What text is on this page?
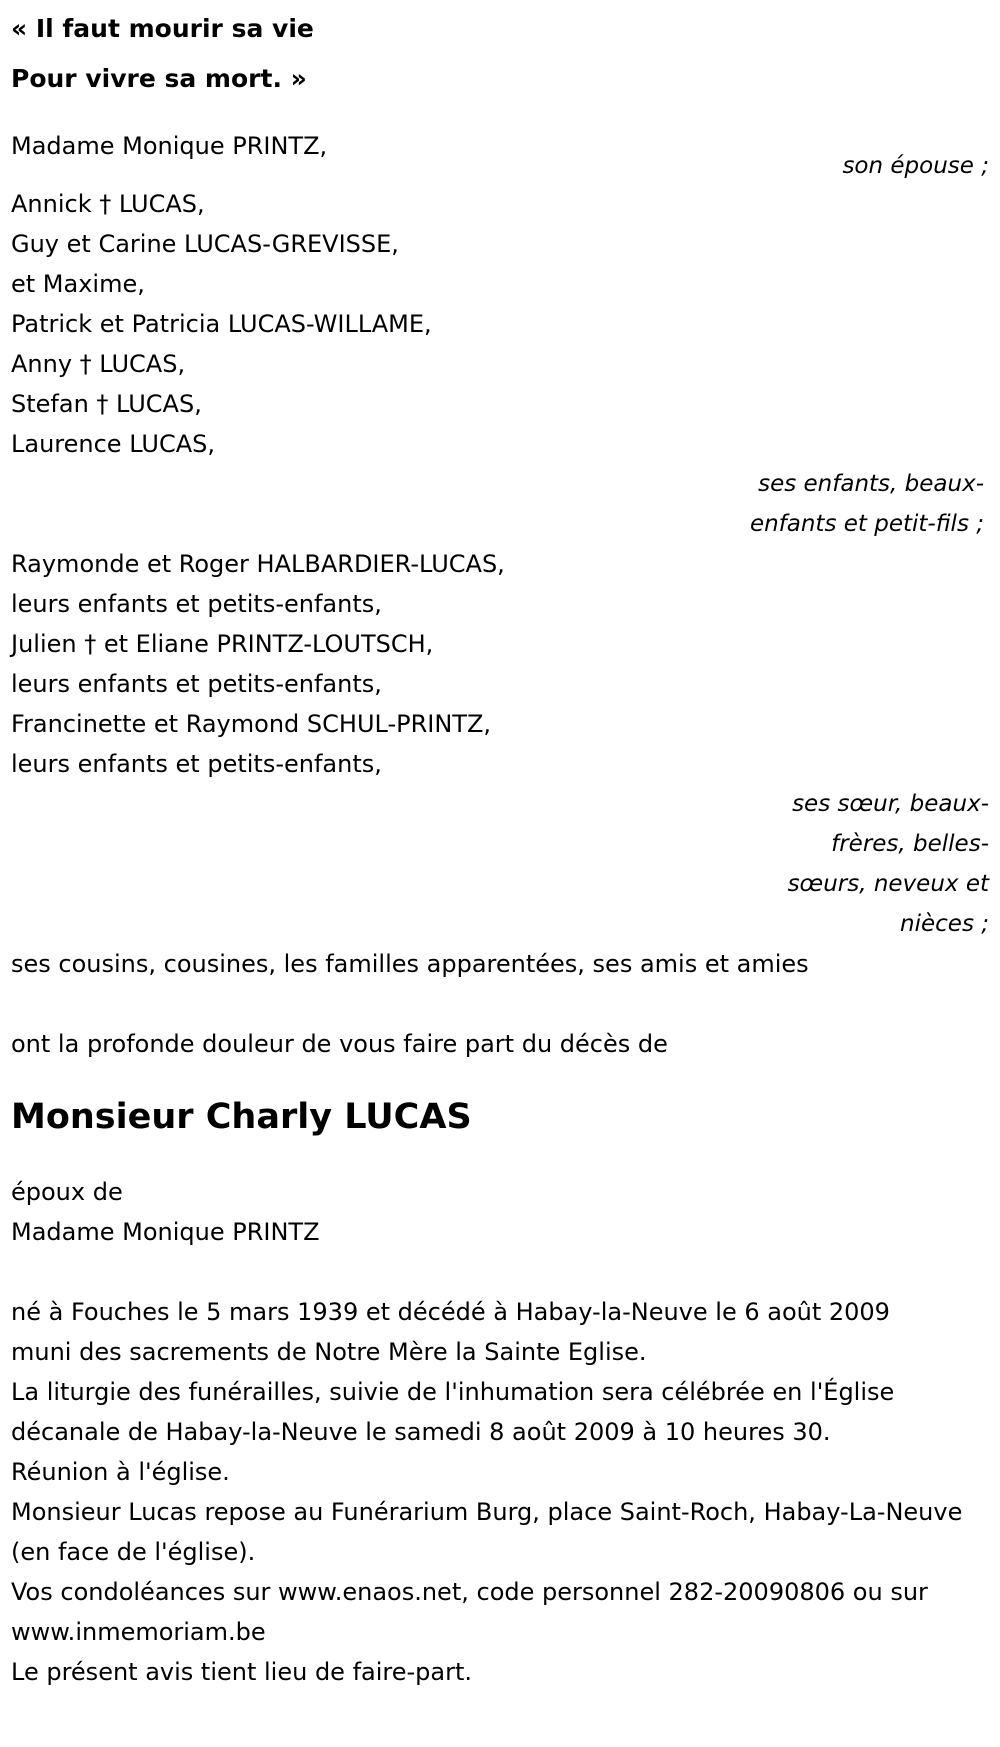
« Il faut mourir sa vie
Pour vivre sa mort. »
Madame Monique PRINTZ,
son épouse ;
Annick † LUCAS,
Guy et Carine LUCAS-GREVISSE,
et Maxime,
Patrick et Patricia LUCAS-WILLAME,
Anny † LUCAS,
Stefan † LUCAS,
Laurence LUCAS,
ses enfants, beaux-enfants et petit-fils ;
Raymonde et Roger HALBARDIER-LUCAS,
leurs enfants et petits-enfants,
Julien † et Eliane PRINTZ-LOUTSCH,
leurs enfants et petits-enfants,
Francinette et Raymond SCHUL-PRINTZ,
leurs enfants et petits-enfants,
ses sœur, beaux-frères, belles-sœurs, neveux et nièces ;
ses cousins, cousines, les familles apparentées, ses amis et amies
ont la profonde douleur de vous faire part du décès de
Monsieur Charly LUCAS
époux de
Madame Monique PRINTZ
né à Fouches le 5 mars 1939 et décédé à Habay-la-Neuve le 6 août 2009
muni des sacrements de Notre Mère la Sainte Eglise.
La liturgie des funérailles, suivie de l'inhumation sera célébrée en l'Église décanale de Habay-la-Neuve le samedi 8 août 2009 à 10 heures 30.
Réunion à l'église.
Monsieur Lucas repose au Funérarium Burg, place Saint-Roch, Habay-La-Neuve (en face de l'église).
Vos condoléances sur www.enaos.net, code personnel 282-20090806 ou sur www.inmemoriam.be
Le présent avis tient lieu de faire-part.
